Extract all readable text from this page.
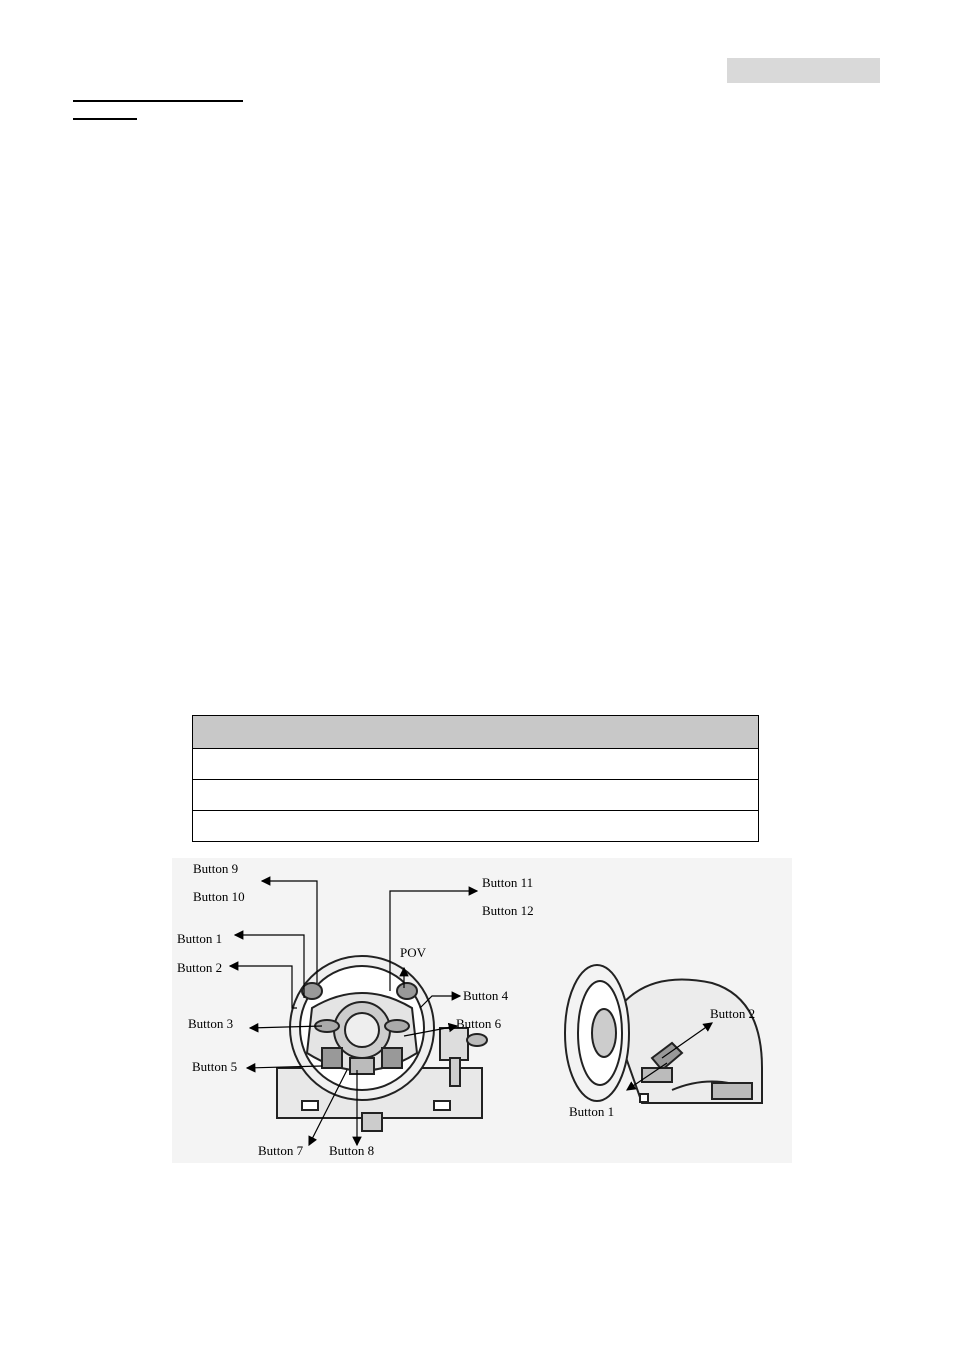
Button 9
Button 10
Button 11
Button 12
Button 1
Button 2
POV
Button 4
Button 3	Button 6
Button 5
Button 7 Button 8
Button 2
Button 1
